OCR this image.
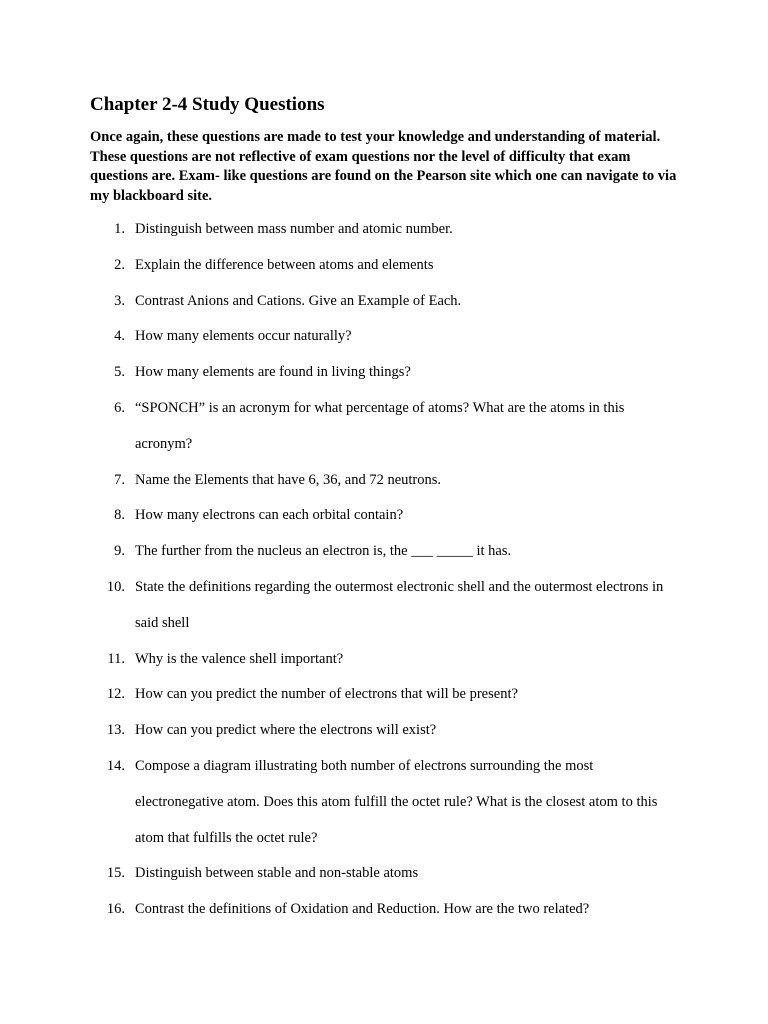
Chapter 2-4 Study Questions

Once again, these questions are made to test your knowledge and understanding of material. These questions are not reflective of exam questions nor the level of difficulty that exam questions are. Exam- like questions are found on the Pearson site which one can navigate to via my blackboard site.

1. Distinguish between mass number and atomic number.
2. Explain the difference between atoms and elements
3. Contrast Anions and Cations. Give an Example of Each.
4. How many elements occur naturally?
5. How many elements are found in living things?
6. “SPONCH” is an acronym for what percentage of atoms? What are the atoms in this acronym?
7. Name the Elements that have 6, 36, and 72 neutrons.
8. How many electrons can each orbital contain?
9. The further from the nucleus an electron is, the ___ _____ it has.
10. State the definitions regarding the outermost electronic shell and the outermost electrons in said shell
11. Why is the valence shell important?
12. How can you predict the number of electrons that will be present?
13. How can you predict where the electrons will exist?
14. Compose a diagram illustrating both number of electrons surrounding the most electronegative atom. Does this atom fulfill the octet rule? What is the closest atom to this atom that fulfills the octet rule?
15. Distinguish between stable and non-stable atoms
16. Contrast the definitions of Oxidation and Reduction. How are the two related?
